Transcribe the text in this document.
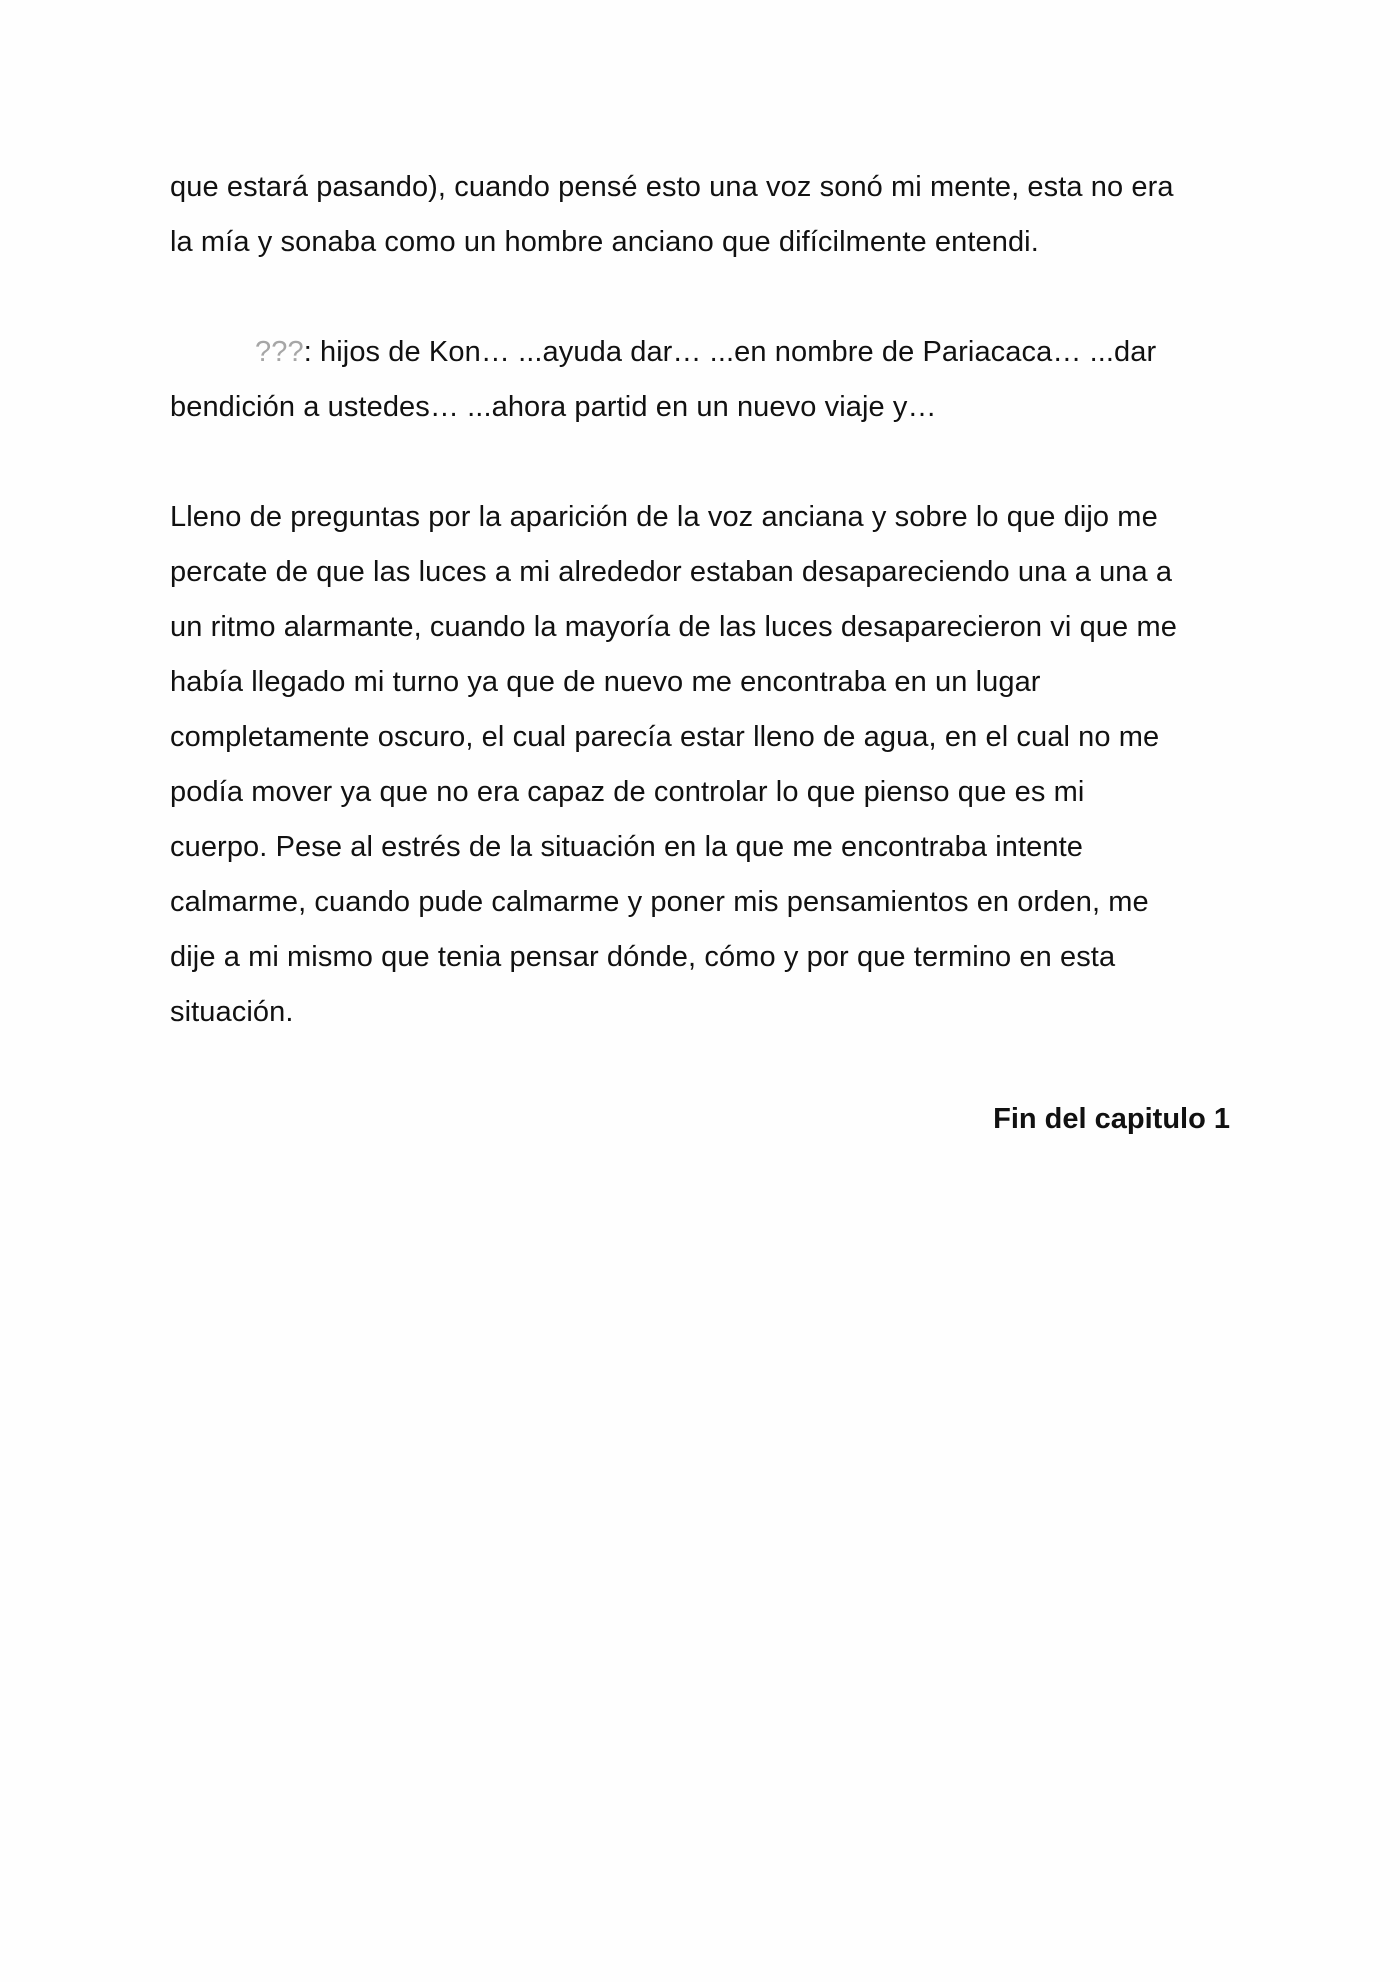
que estará pasando), cuando pensé esto una voz sonó mi mente, esta no era
la mía y sonaba como un hombre anciano que difícilmente entendi.
???: hijos de Kon… ...ayuda dar… ...en nombre de Pariacaca… ...dar
bendición a ustedes… ...ahora partid en un nuevo viaje y…
Lleno de preguntas por la aparición de la voz anciana y sobre lo que dijo me
percate de que las luces a mi alrededor estaban desapareciendo una a una a
un ritmo alarmante, cuando la mayoría de las luces desaparecieron vi que me
había llegado mi turno ya que de nuevo me encontraba en un lugar
completamente oscuro, el cual parecía estar lleno de agua, en el cual no me
podía mover ya que no era capaz de controlar lo que pienso que es mi
cuerpo. Pese al estrés de la situación en la que me encontraba intente
calmarme, cuando pude calmarme y poner mis pensamientos en orden, me
dije a mi mismo que tenia pensar dónde, cómo y por que termino en esta
situación.
Fin del capitulo 1
